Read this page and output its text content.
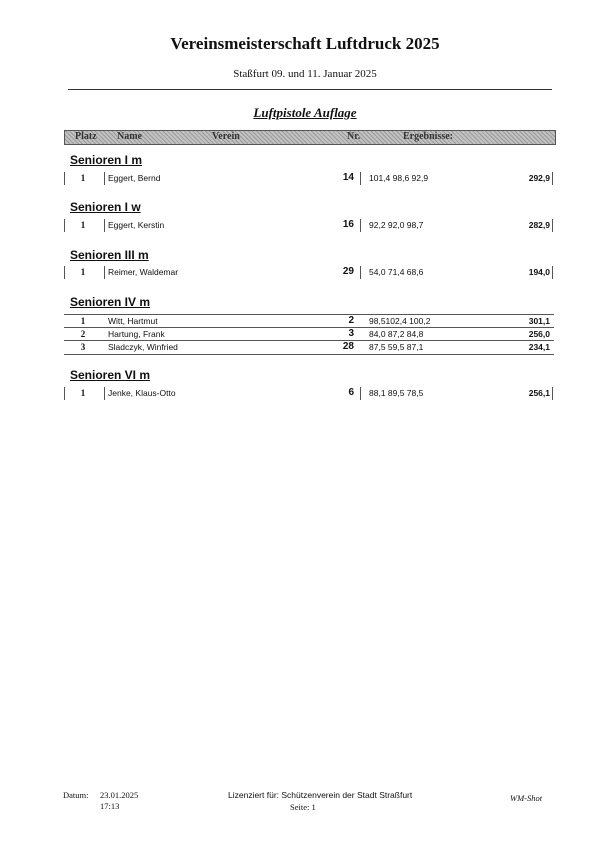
Vereinsmeisterschaft Luftdruck 2025
Staßfurt 09. und 11. Januar 2025
Luftpistole Auflage
Platz Name	Verein	Nr.	Ergebnisse:
Senioren I m
1	Eggert, Bernd	14 101,4 98,6 92,9	292,9
Senioren I w
1	Eggert, Kerstin	16 92,2 92,0 98,7	282,9
Senioren III m
1	Reimer, Waldemar	29 54,0 71,4 68,6	194,0
Senioren IV m
1	Witt, Hartmut	2 98,5102,4 100,2	301,1
2	Hartung, Frank	3 84,0 87,2 84,8	256,0
3	Sladczyk, Winfried	28 87,5 59,5 87,1	234,1
Senioren VI m
1	Jenke, Klaus-Otto	6 88,1 89,5 78,5	256,1
Datum: 23.01.2025
17:13
Lizenziert für: Schützenverein der Stadt Straßfurt
Seite: 1
WM-Shot
